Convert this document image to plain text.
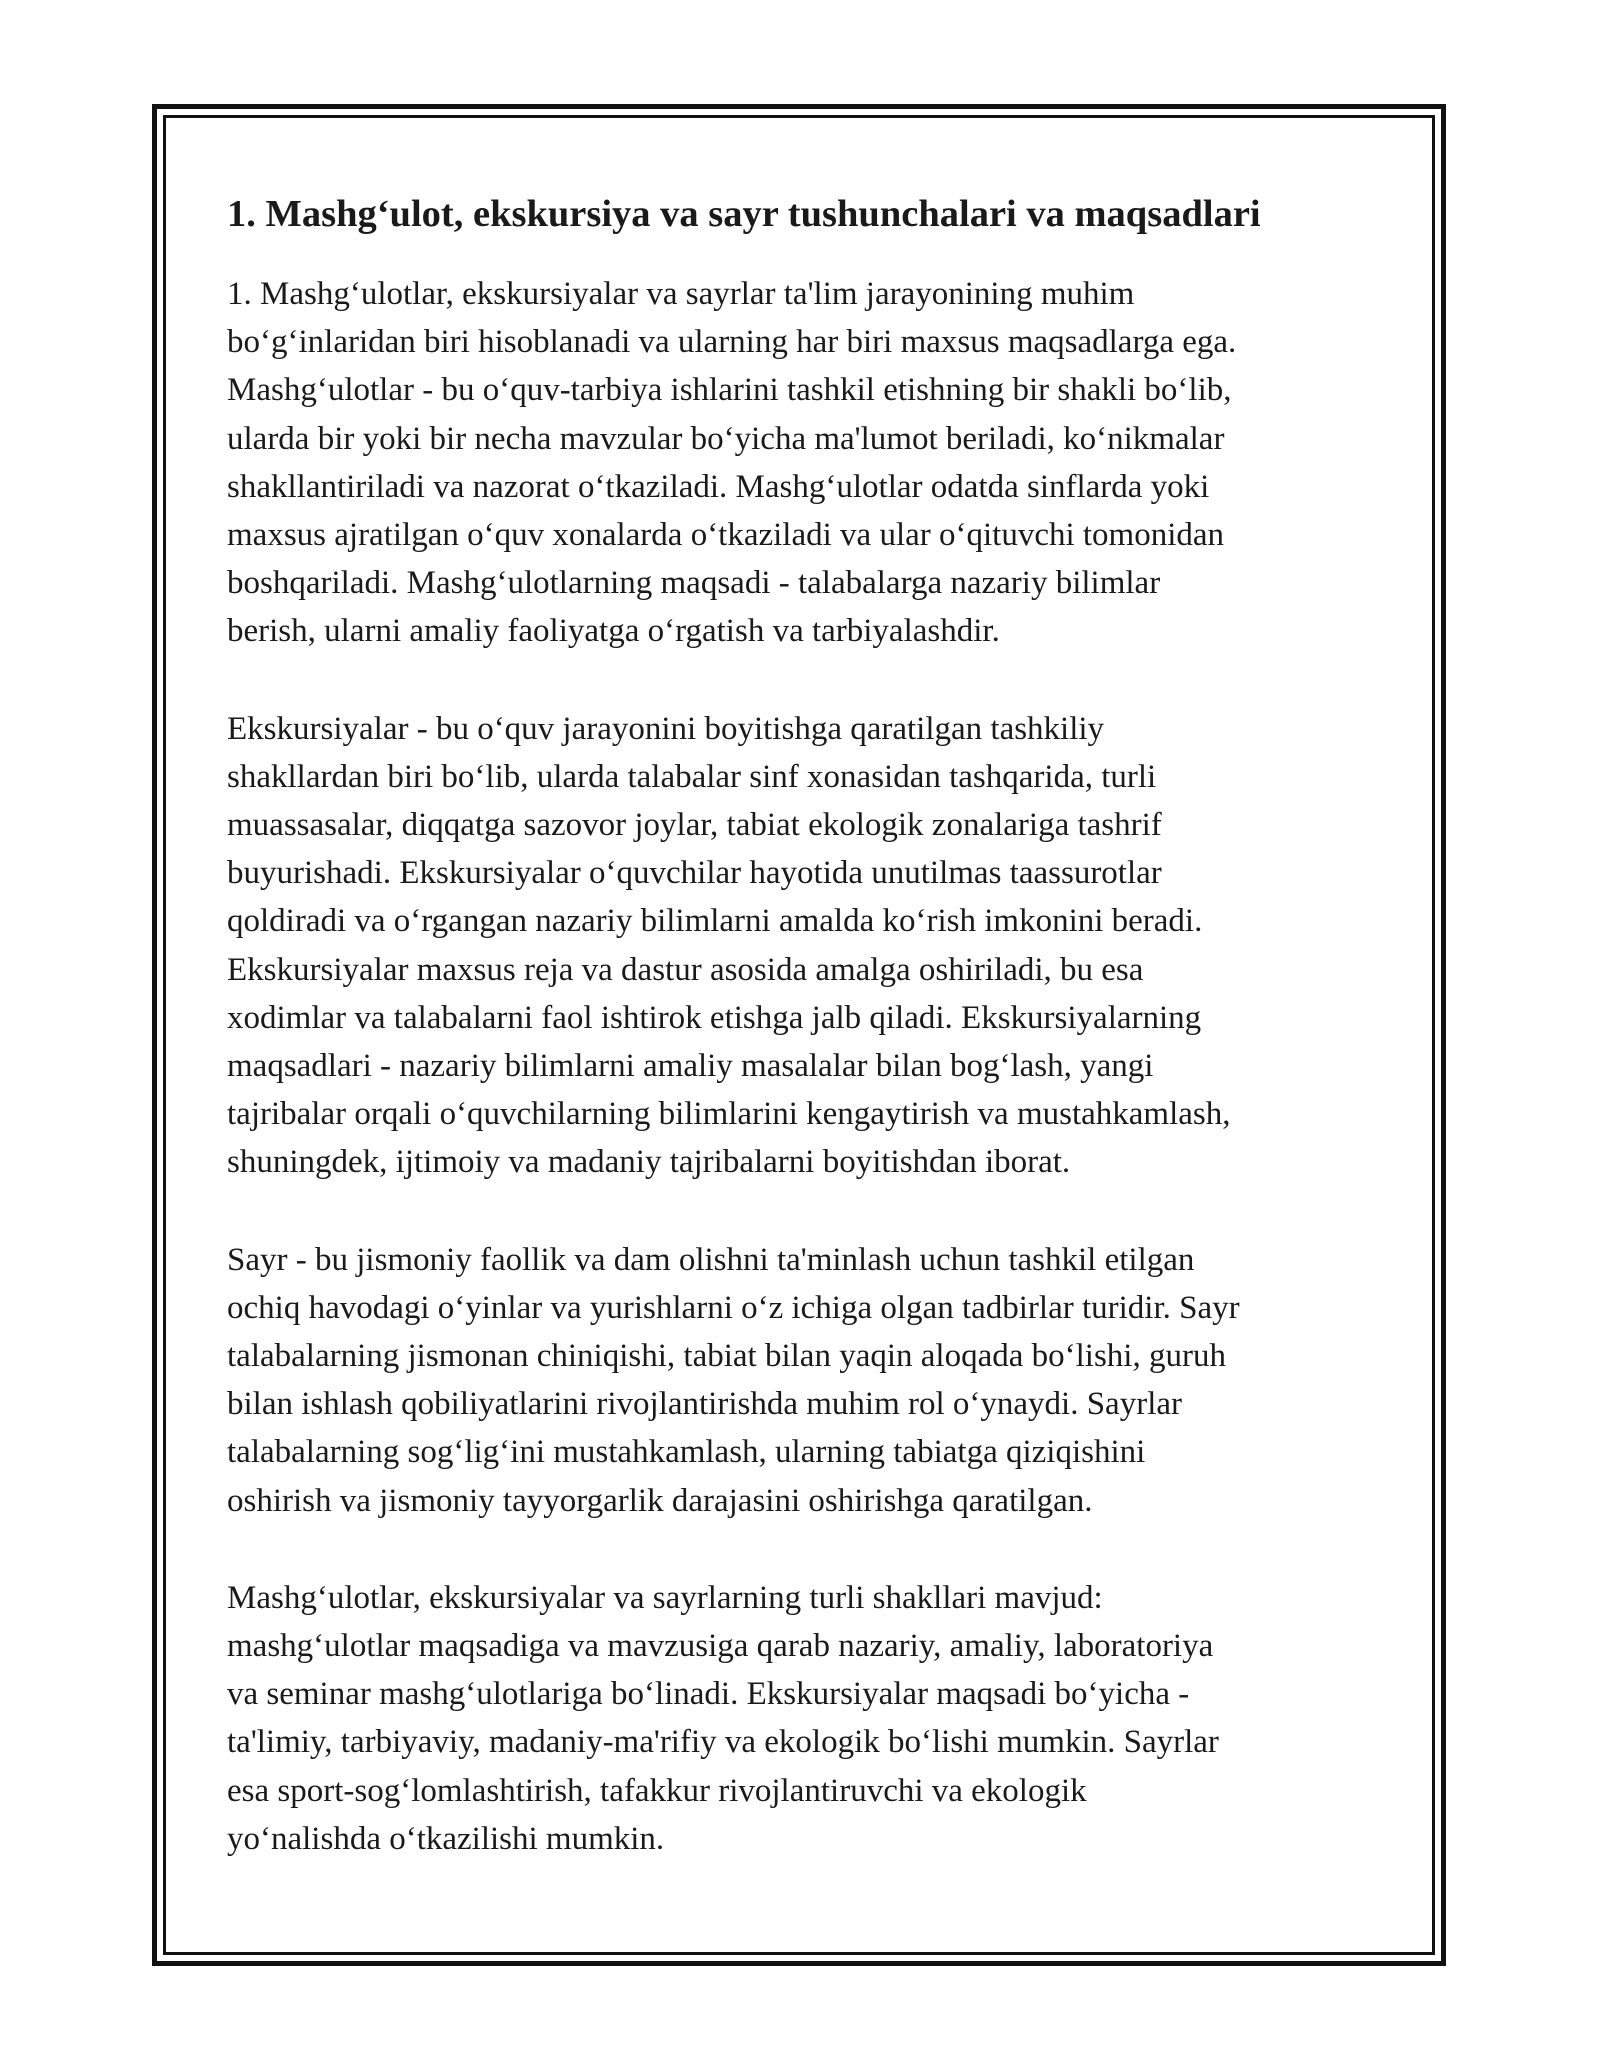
1. Mashg‘ulot, ekskursiya va sayr tushunchalari va maqsadlari

1. Mashg‘ulotlar, ekskursiyalar va sayrlar ta'lim jarayonining muhim
bo‘g‘inlaridan biri hisoblanadi va ularning har biri maxsus maqsadlarga ega.
Mashg‘ulotlar - bu o‘quv-tarbiya ishlarini tashkil etishning bir shakli bo‘lib,
ularda bir yoki bir necha mavzular bo‘yicha ma'lumot beriladi, ko‘nikmalar
shakllantiriladi va nazorat o‘tkaziladi. Mashg‘ulotlar odatda sinflarda yoki
maxsus ajratilgan o‘quv xonalarda o‘tkaziladi va ular o‘qituvchi tomonidan
boshqariladi. Mashg‘ulotlarning maqsadi - talabalarga nazariy bilimlar
berish, ularni amaliy faoliyatga o‘rgatish va tarbiyalashdir.

Ekskursiyalar - bu o‘quv jarayonini boyitishga qaratilgan tashkiliy
shakllardan biri bo‘lib, ularda talabalar sinf xonasidan tashqarida, turli
muassasalar, diqqatga sazovor joylar, tabiat ekologik zonalariga tashrif
buyurishadi. Ekskursiyalar o‘quvchilar hayotida unutilmas taassurotlar
qoldiradi va o‘rgangan nazariy bilimlarni amalda ko‘rish imkonini beradi.
Ekskursiyalar maxsus reja va dastur asosida amalga oshiriladi, bu esa
xodimlar va talabalarni faol ishtirok etishga jalb qiladi. Ekskursiyalarning
maqsadlari - nazariy bilimlarni amaliy masalalar bilan bog‘lash, yangi
tajribalar orqali o‘quvchilarning bilimlarini kengaytirish va mustahkamlash,
shuningdek, ijtimoiy va madaniy tajribalarni boyitishdan iborat.

Sayr - bu jismoniy faollik va dam olishni ta'minlash uchun tashkil etilgan
ochiq havodagi o‘yinlar va yurishlarni o‘z ichiga olgan tadbirlar turidir. Sayr
talabalarning jismonan chiniqishi, tabiat bilan yaqin aloqada bo‘lishi, guruh
bilan ishlash qobiliyatlarini rivojlantirishda muhim rol o‘ynaydi. Sayrlar
talabalarning sog‘lig‘ini mustahkamlash, ularning tabiatga qiziqishini
oshirish va jismoniy tayyorgarlik darajasini oshirishga qaratilgan.

Mashg‘ulotlar, ekskursiyalar va sayrlarning turli shakllari mavjud:
mashg‘ulotlar maqsadiga va mavzusiga qarab nazariy, amaliy, laboratoriya
va seminar mashg‘ulotlariga bo‘linadi. Ekskursiyalar maqsadi bo‘yicha -
ta'limiy, tarbiyaviy, madaniy-ma'rifiy va ekologik bo‘lishi mumkin. Sayrlar
esa sport-sog‘lomlashtirish, tafakkur rivojlantiruvchi va ekologik
yo‘nalishda o‘tkazilishi mumkin.
